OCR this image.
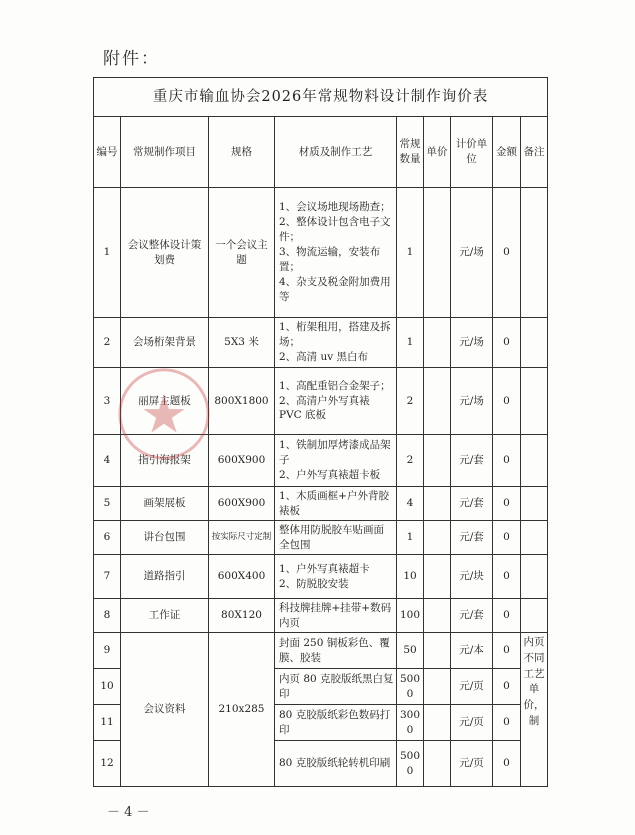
附件：
重庆市输血协会2026年常规物料设计制作询价表								
编号	常规制作项目	规格	材质及制作工艺	常规数量	单价	计价单位	金额	备注
1	会议整体设计策划费	一个会议主题	1、会议场地现场勘查；
2、整体设计包含电子文件；
3、物流运输，安装布置；
4、杂支及税金附加费用等	1		元/场	0	
2	会场桁架背景	5X3 米	1、桁架租用，搭建及拆场；
2、高清 uv 黑白布	1		元/场	0	
3	丽屏主题板	800X1800	1、高配重铝合金架子；
2、高清户外写真裱 PVC 底板	2		元/场	0	
4	指引海报架	600X900	1、铁制加厚烤漆成品架子
2、户外写真裱超卡板	2		元/套	0	
5	画架展板	600X900	1、木质画框+户外背胶裱板	4		元/套	0	
6	讲台包围	按实际尺寸定制	整体用防脱胶车贴画面全包围	1		元/套	0	
7	道路指引	600X400	1、户外写真裱超卡
2、防脱胶安装	10		元/块	0	
8	工作证	80X120	科技牌挂牌+挂带+数码内页	100		元/套	0	
9	会议资料	210x285	封面 250 铜板彩色、覆膜、胶装	50		元/本	0	内页不同工艺单价，制
10			内页 80 克胶版纸黑白复印	5000		元/页	0	
11			80 克胶版纸彩色数码打印	3000		元/页	0	
12			80 克胶版纸轮转机印刷	5000		元/页	0	
－ 4 －
